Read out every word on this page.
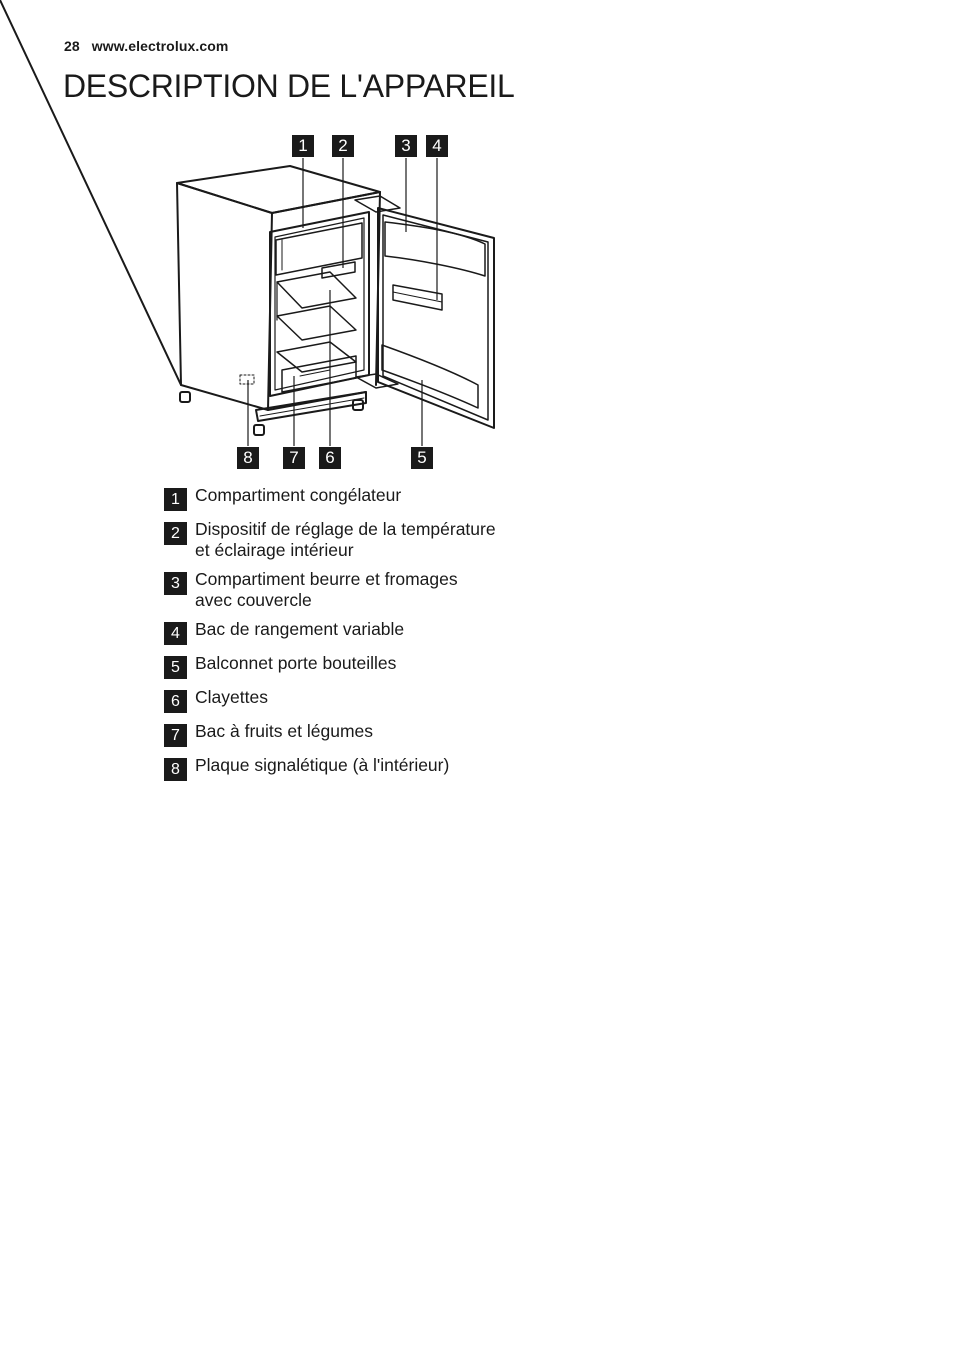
28 www.electrolux.com
DESCRIPTION DE L'APPAREIL
1	2	3	4
5
6
7
8
1 Compartiment congélateur
2 Dispositif de réglage de la température
et éclairage intérieur
3 Compartiment beurre et fromages
avec couvercle
4 Bac de rangement variable
5 Balconnet porte bouteilles
6 Clayettes
7 Bac à fruits et légumes
8 Plaque signalétique (à l'intérieur)
